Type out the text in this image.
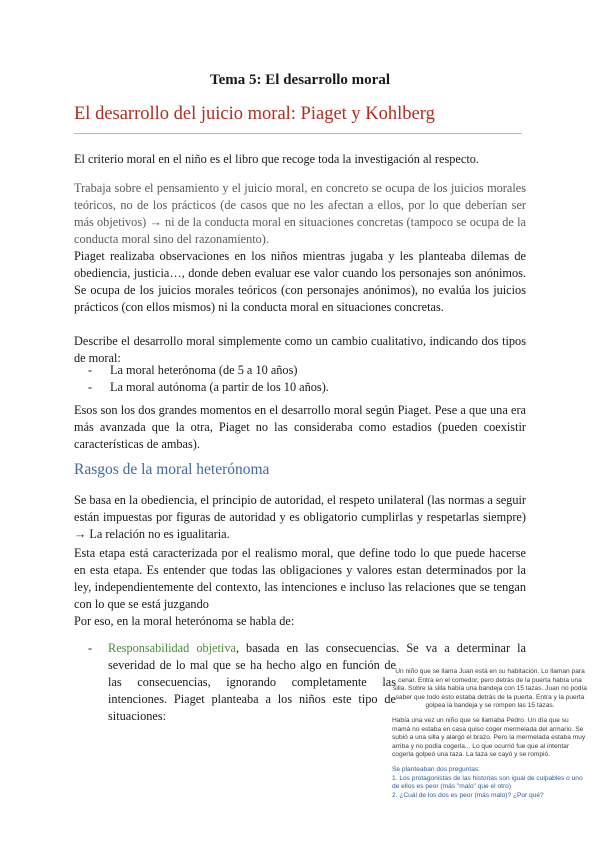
Tema 5: El desarrollo moral
El desarrollo del juicio moral: Piaget y Kohlberg

El criterio moral en el niño es el libro que recoge toda la investigación al respecto.

Trabaja sobre el pensamiento y el juicio moral, en concreto se ocupa de los juicios morales teóricos, no de los prácticos (de casos que no les afectan a ellos, por lo que deberían ser más objetivos) → ni de la conducta moral en situaciones concretas (tampoco se ocupa de la conducta moral sino del razonamiento).

Piaget realizaba observaciones en los niños mientras jugaba y les planteaba dilemas de obediencia, justicia…, donde deben evaluar ese valor cuando los personajes son anónimos. Se ocupa de los juicios morales teóricos (con personajes anónimos), no evalúa los juicios prácticos (con ellos mismos) ni la conducta moral en situaciones concretas.

Describe el desarrollo moral simplemente como un cambio cualitativo, indicando dos tipos de moral:

- La moral heterónoma (de 5 a 10 años)
- La moral autónoma (a partir de los 10 años).

Esos son los dos grandes momentos en el desarrollo moral según Piaget. Pese a que una era más avanzada que la otra, Piaget no las consideraba como estadios (pueden coexistir características de ambas).

Rasgos de la moral heterónoma

Se basa en la obediencia, el principio de autoridad, el respeto unilateral (las normas a seguir están impuestas por figuras de autoridad y es obligatorio cumplirlas y respetarlas siempre) → La relación no es igualitaria.

Esta etapa está caracterizada por el realismo moral, que define todo lo que puede hacerse en esta etapa. Es entender que todas las obligaciones y valores estan determinados por la ley, independientemente del contexto, las intenciones e incluso las relaciones que se tengan con lo que se está juzgando

Por eso, en la moral heterónoma se habla de:

- Responsabilidad objetiva, basada en las consecuencias. Se va a determinar la
severidad de lo mal que se ha hecho algo en función de las consecuencias, ignorando completamente las intenciones. Piaget planteaba a los niños este tipo de situaciones:
Un niño que se llama Juan está en su habitación. Lo llaman para cenar. Entra en el comedor, pero detrás de la puerta había una silla. Sobre la silla había una bandeja con 15 tazas. Juan no podía saber que todo esto estaba detrás de la puerta. Entra y la puerta golpea la bandeja y se rompen las 15 tazas.
Había una vez un niño que se llamaba Pedro. Un día que su mamá no estaba en casa quiso coger mermelada del armario. Se subió a una silla y alargó el brazo. Pero la mermelada estaba muy arriba y no podía cogerla... Lo que ocurrió fue que al intentar cogerla golpeó una taza. La taza se cayó y se rompió.
Se planteaban dos preguntas:
1. Los protagonistas de las historias son igual de culpables o uno de ellos es peor (más "malo" que el otro)
2. ¿Cuál de los dos es peor (más malo)? ¿Por qué?
